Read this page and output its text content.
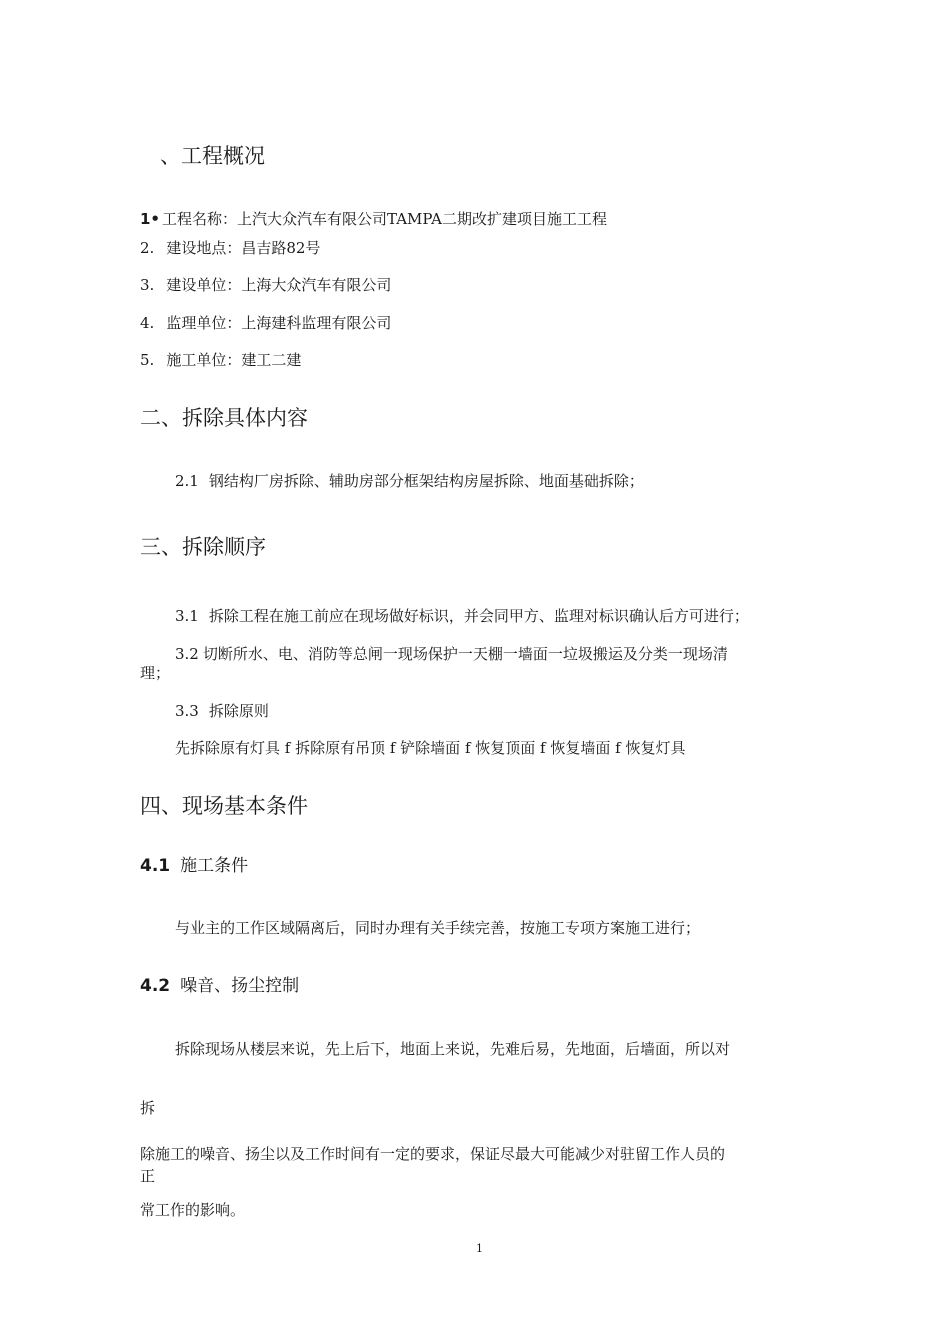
、工程概况
1• 工程名称：上汽大众汽车有限公司TAMPA二期改扩建项目施工工程
2. 建设地点：昌吉路82号
3. 建设单位：上海大众汽车有限公司
4. 监理单位：上海建科监理有限公司
5. 施工单位：建工二建
二、拆除具体内容
2.1 钢结构厂房拆除、辅助房部分框架结构房屋拆除、地面基础拆除；
三、拆除顺序
3.1 拆除工程在施工前应在现场做好标识，并会同甲方、监理对标识确认后方可进行；
3.2 切断所水、电、消防等总闸一现场保护一天棚一墙面一垃圾搬运及分类一现场清
理；
3.3 拆除原则
先拆除原有灯具 f 拆除原有吊顶 f 铲除墙面 f 恢复顶面 f 恢复墙面 f 恢复灯具
四、现场基本条件
4.1 施工条件
与业主的工作区域隔离后，同时办理有关手续完善，按施工专项方案施工进行；
4.2 噪音、扬尘控制
拆除现场从楼层来说，先上后下，地面上来说，先难后易，先地面，后墙面，所以对
拆
除施工的噪音、扬尘以及工作时间有一定的要求，保证尽最大可能减少对驻留工作人员的
正
常工作的影响。
1
